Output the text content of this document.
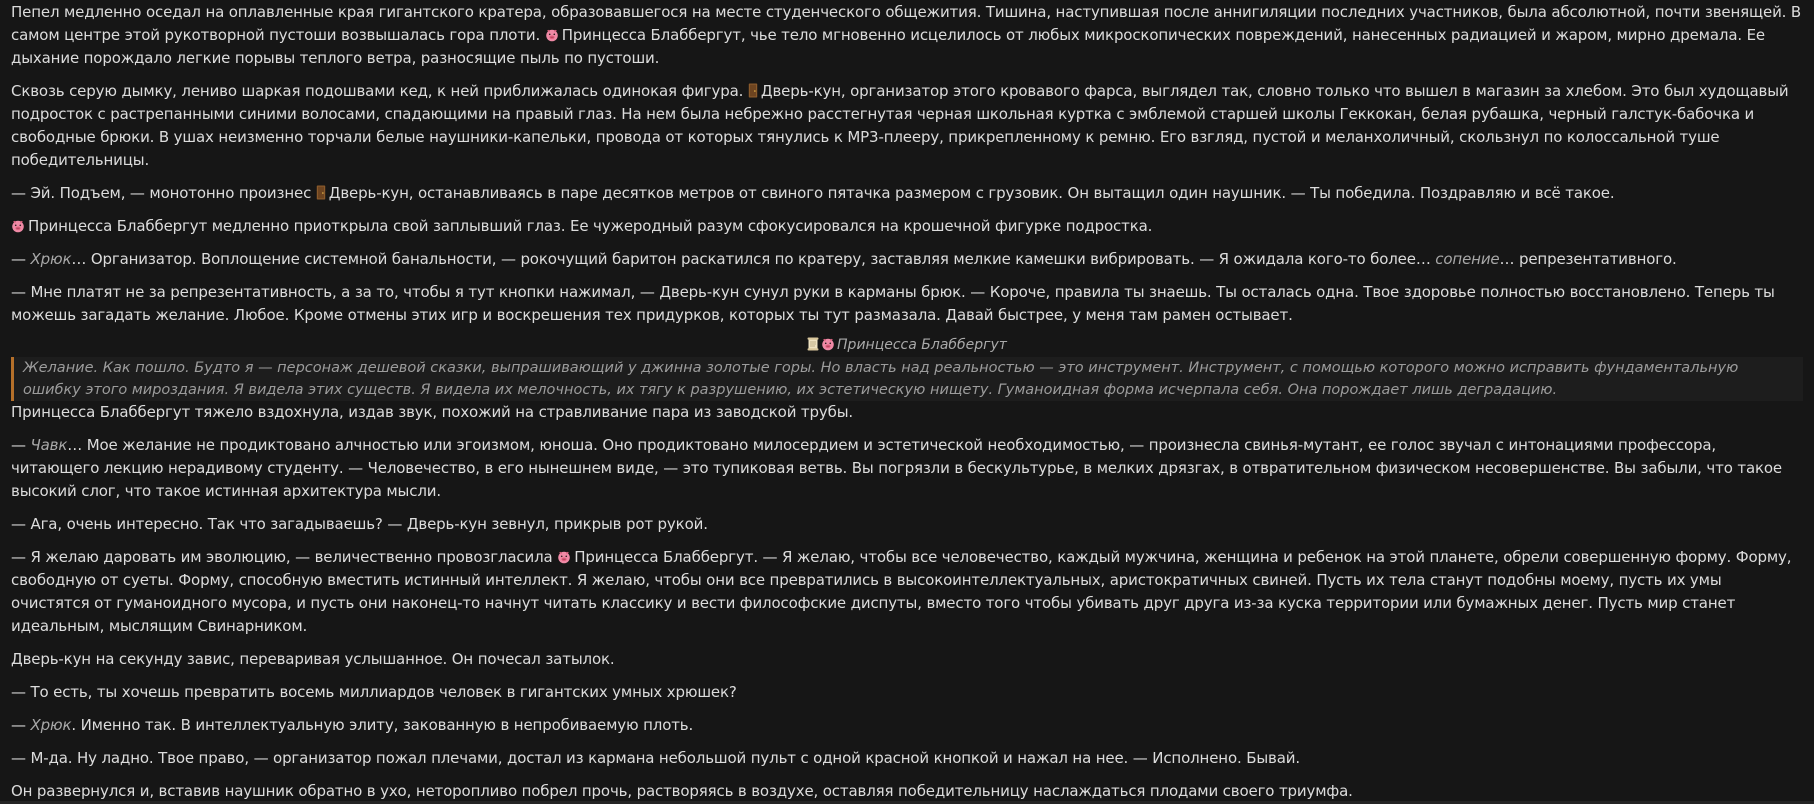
Пепел медленно оседал на оплавленные края гигантского кратера, образовавшегося на месте студенческого общежития. Тишина, наступившая после аннигиляции последних участников, была абсолютной, почти звенящей. В самом центре этой рукотворной пустоши возвышалась гора плоти. Принцесса Блаббергут, чье тело мгновенно исцелилось от любых микроскопических повреждений, нанесенных радиацией и жаром, мирно дремала. Ее дыхание порождало легкие порывы теплого ветра, разносящие пыль по пустоши.

Сквозь серую дымку, лениво шаркая подошвами кед, к ней приближалась одинокая фигура. Дверь-кун, организатор этого кровавого фарса, выглядел так, словно только что вышел в магазин за хлебом. Это был худощавый подросток с растрепанными синими волосами, спадающими на правый глаз. На нем была небрежно расстегнутая черная школьная куртка с эмблемой старшей школы Геккокан, белая рубашка, черный галстук-бабочка и свободные брюки. В ушах неизменно торчали белые наушники-капельки, провода от которых тянулись к MP3-плееру, прикрепленному к ремню. Его взгляд, пустой и меланхоличный, скользнул по колоссальной туше победительницы.

— Эй. Подъем, — монотонно произнес Дверь-кун, останавливаясь в паре десятков метров от свиного пятачка размером с грузовик. Он вытащил один наушник. — Ты победила. Поздравляю и всё такое.

Принцесса Блаббергут медленно приоткрыла свой заплывший глаз. Ее чужеродный разум сфокусировался на крошечной фигурке подростка.

— Хрюк… Организатор. Воплощение системной банальности, — рокочущий баритон раскатился по кратеру, заставляя мелкие камешки вибрировать. — Я ожидала кого-то более… сопение… репрезентативного.

— Мне платят не за репрезентативность, а за то, чтобы я тут кнопки нажимал, — Дверь-кун сунул руки в карманы брюк. — Короче, правила ты знаешь. Ты осталась одна. Твое здоровье полностью восстановлено. Теперь ты можешь загадать желание. Любое. Кроме отмены этих игр и воскрешения тех придурков, которых ты тут размазала. Давай быстрее, у меня там рамен остывает.

Принцесса Блаббергут
Желание. Как пошло. Будто я — персонаж дешевой сказки, выпрашивающий у джинна золотые горы. Но власть над реальностью — это инструмент. Инструмент, с помощью которого можно исправить фундаментальную ошибку этого мироздания. Я видела этих существ. Я видела их мелочность, их тягу к разрушению, их эстетическую нищету. Гуманоидная форма исчерпала себя. Она порождает лишь деградацию.

Принцесса Блаббергут тяжело вздохнула, издав звук, похожий на стравливание пара из заводской трубы.

— Чавк… Мое желание не продиктовано алчностью или эгоизмом, юноша. Оно продиктовано милосердием и эстетической необходимостью, — произнесла свинья-мутант, ее голос звучал с интонациями профессора, читающего лекцию нерадивому студенту. — Человечество, в его нынешнем виде, — это тупиковая ветвь. Вы погрязли в бескультурье, в мелких дрязгах, в отвратительном физическом несовершенстве. Вы забыли, что такое высокий слог, что такое истинная архитектура мысли.

— Ага, очень интересно. Так что загадываешь? — Дверь-кун зевнул, прикрыв рот рукой.

— Я желаю даровать им эволюцию, — величественно провозгласила Принцесса Блаббергут. — Я желаю, чтобы все человечество, каждый мужчина, женщина и ребенок на этой планете, обрели совершенную форму. Форму, свободную от суеты. Форму, способную вместить истинный интеллект. Я желаю, чтобы они все превратились в высокоинтеллектуальных, аристократичных свиней. Пусть их тела станут подобны моему, пусть их умы очистятся от гуманоидного мусора, и пусть они наконец-то начнут читать классику и вести философские диспуты, вместо того чтобы убивать друг друга из-за куска территории или бумажных денег. Пусть мир станет идеальным, мыслящим Свинарником.

Дверь-кун на секунду завис, переваривая услышанное. Он почесал затылок.

— То есть, ты хочешь превратить восемь миллиардов человек в гигантских умных хрюшек?

— Хрюк. Именно так. В интеллектуальную элиту, закованную в непробиваемую плоть.

— М-да. Ну ладно. Твое право, — организатор пожал плечами, достал из кармана небольшой пульт с одной красной кнопкой и нажал на нее. — Исполнено. Бывай.

Он развернулся и, вставив наушник обратно в ухо, неторопливо побрел прочь, растворяясь в воздухе, оставляя победительницу наслаждаться плодами своего триумфа.
